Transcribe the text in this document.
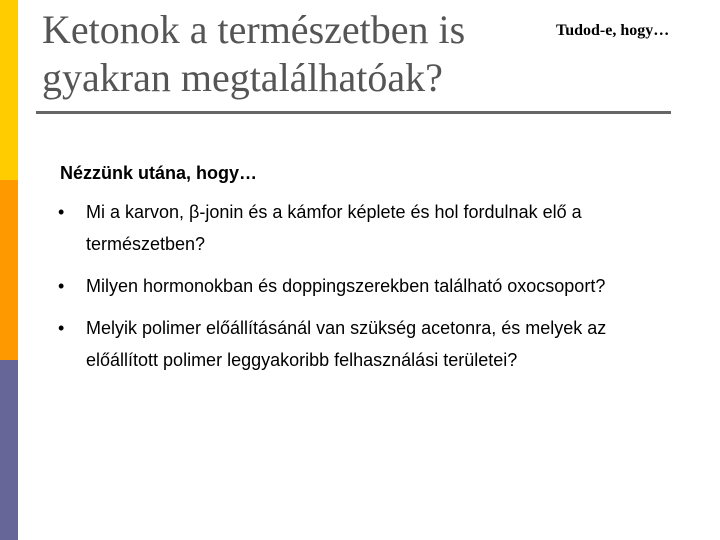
Ketonok a természetben is gyakran megtalálhatóak?
Tudod-e, hogy…
Nézzünk utána, hogy…
• Mi a karvon, β-jonin és a kámfor képlete és hol fordulnak elő a természetben?
• Milyen hormonokban és doppingszerekben található oxocsoport?
• Melyik polimer előállításánál van szükség acetonra, és melyek az előállított polimer leggyakoribb felhasználási területei?
